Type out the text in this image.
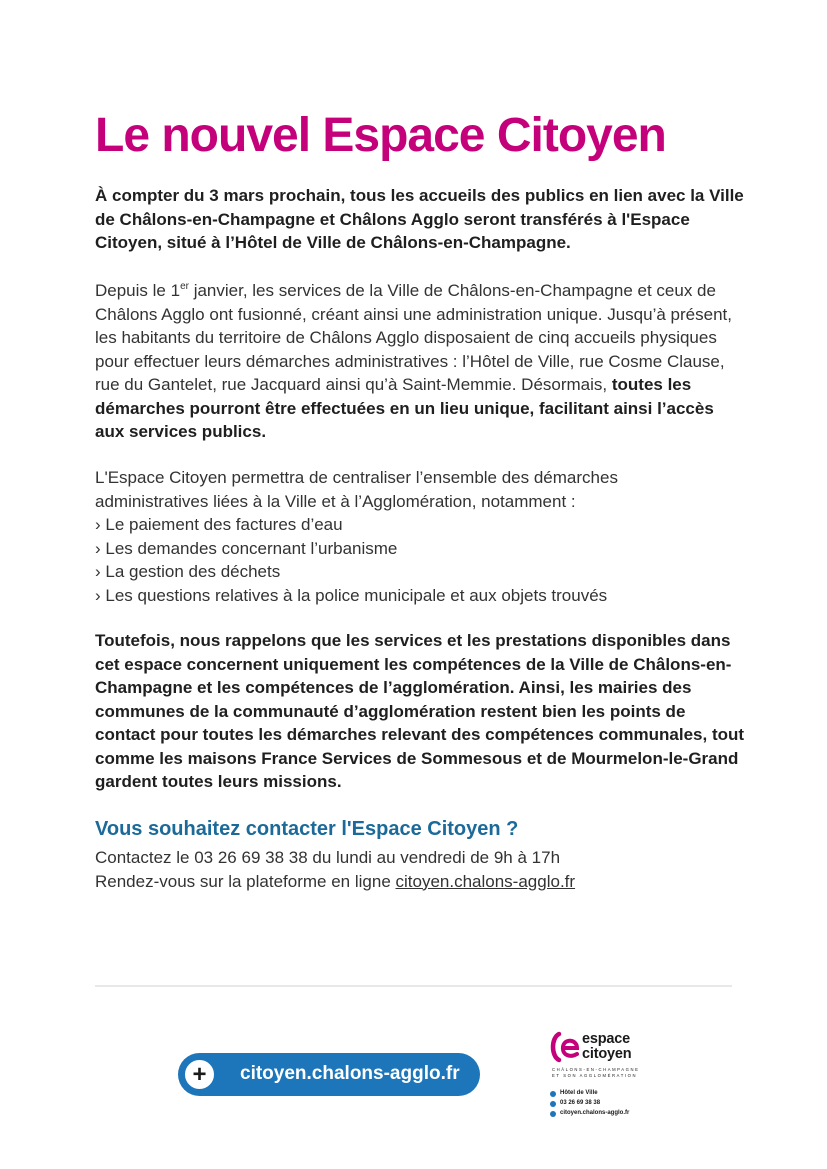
Le nouvel Espace Citoyen

À compter du 3 mars prochain, tous les accueils des publics en lien avec la Ville de Châlons-en-Champagne et Châlons Agglo seront transférés à l'Espace Citoyen, situé à l’Hôtel de Ville de Châlons-en-Champagne.

Depuis le 1er janvier, les services de la Ville de Châlons-en-Champagne et ceux de Châlons Agglo ont fusionné, créant ainsi une administration unique. Jusqu’à présent, les habitants du territoire de Châlons Agglo disposaient de cinq accueils physiques pour effectuer leurs démarches administratives : l’Hôtel de Ville, rue Cosme Clause, rue du Gantelet, rue Jacquard ainsi qu’à Saint-Memmie. Désormais, toutes les démarches pourront être effectuées en un lieu unique, facilitant ainsi l’accès aux services publics.

L'Espace Citoyen permettra de centraliser l’ensemble des démarches
administratives liées à la Ville et à l’Agglomération, notamment :
› Le paiement des factures d’eau
› Les demandes concernant l’urbanisme
› La gestion des déchets
› Les questions relatives à la police municipale et aux objets trouvés

Toutefois, nous rappelons que les services et les prestations disponibles dans cet espace concernent uniquement les compétences de la Ville de Châlons-en-Champagne et les compétences de l’agglomération. Ainsi, les mairies des communes de la communauté d’agglomération restent bien les points de contact pour toutes les démarches relevant des compétences communales, tout comme les maisons France Services de Sommesous et de Mourmelon-le-Grand gardent toutes leurs missions.

Vous souhaitez contacter l'Espace Citoyen ?
Contactez le 03 26 69 38 38 du lundi au vendredi de 9h à 17h
Rendez-vous sur la plateforme en ligne citoyen.chalons-agglo.fr
+	citoyen.chalons-agglo.fr
espace
citoyen
CHÂLONS-EN-CHAMPAGNE
ET SON AGGLOMÉRATION
Hôtel de Ville
03 26 69 38 38
citoyen.chalons-agglo.fr
